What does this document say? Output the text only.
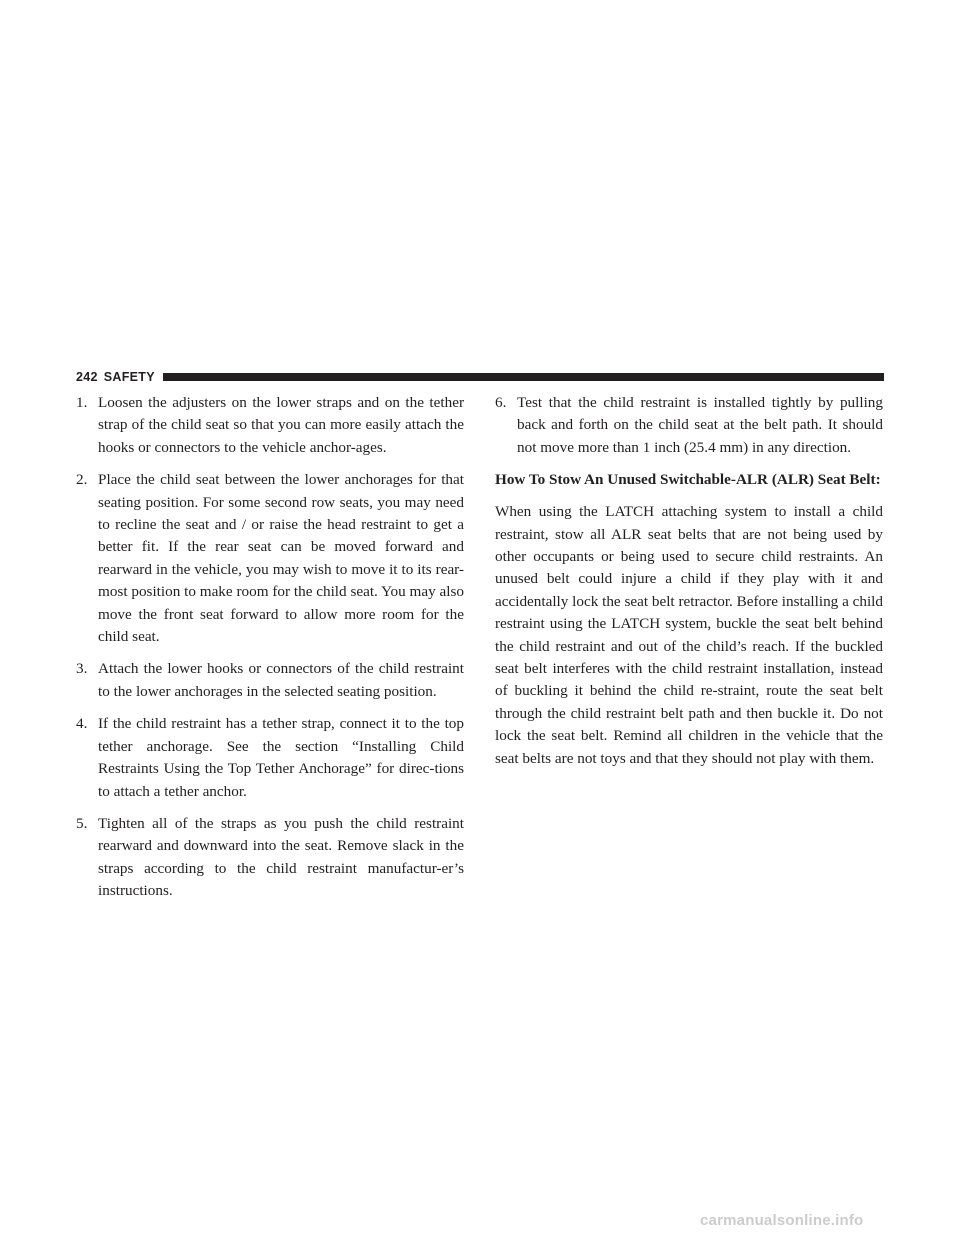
242 SAFETY
1. Loosen the adjusters on the lower straps and on the tether strap of the child seat so that you can more easily attach the hooks or connectors to the vehicle anchor-ages.
2. Place the child seat between the lower anchorages for that seating position. For some second row seats, you may need to recline the seat and / or raise the head restraint to get a better fit. If the rear seat can be moved forward and rearward in the vehicle, you may wish to move it to its rear-most position to make room for the child seat. You may also move the front seat forward to allow more room for the child seat.
3. Attach the lower hooks or connectors of the child restraint to the lower anchorages in the selected seating position.
4. If the child restraint has a tether strap, connect it to the top tether anchorage. See the section “Installing Child Restraints Using the Top Tether Anchorage” for direc-tions to attach a tether anchor.
5. Tighten all of the straps as you push the child restraint rearward and downward into the seat. Remove slack in the straps according to the child restraint manufactur-er’s instructions.
6. Test that the child restraint is installed tightly by pulling back and forth on the child seat at the belt path. It should not move more than 1 inch (25.4 mm) in any direction.
How To Stow An Unused Switchable-ALR (ALR) Seat Belt:

When using the LATCH attaching system to install a child restraint, stow all ALR seat belts that are not being used by other occupants or being used to secure child restraints. An unused belt could injure a child if they play with it and accidentally lock the seat belt retractor. Before installing a child restraint using the LATCH system, buckle the seat belt behind the child restraint and out of the child’s reach. If the buckled seat belt interferes with the child restraint installation, instead of buckling it behind the child re-straint, route the seat belt through the child restraint belt path and then buckle it. Do not lock the seat belt. Remind all children in the vehicle that the seat belts are not toys and that they should not play with them.

carmanualsonline.info
